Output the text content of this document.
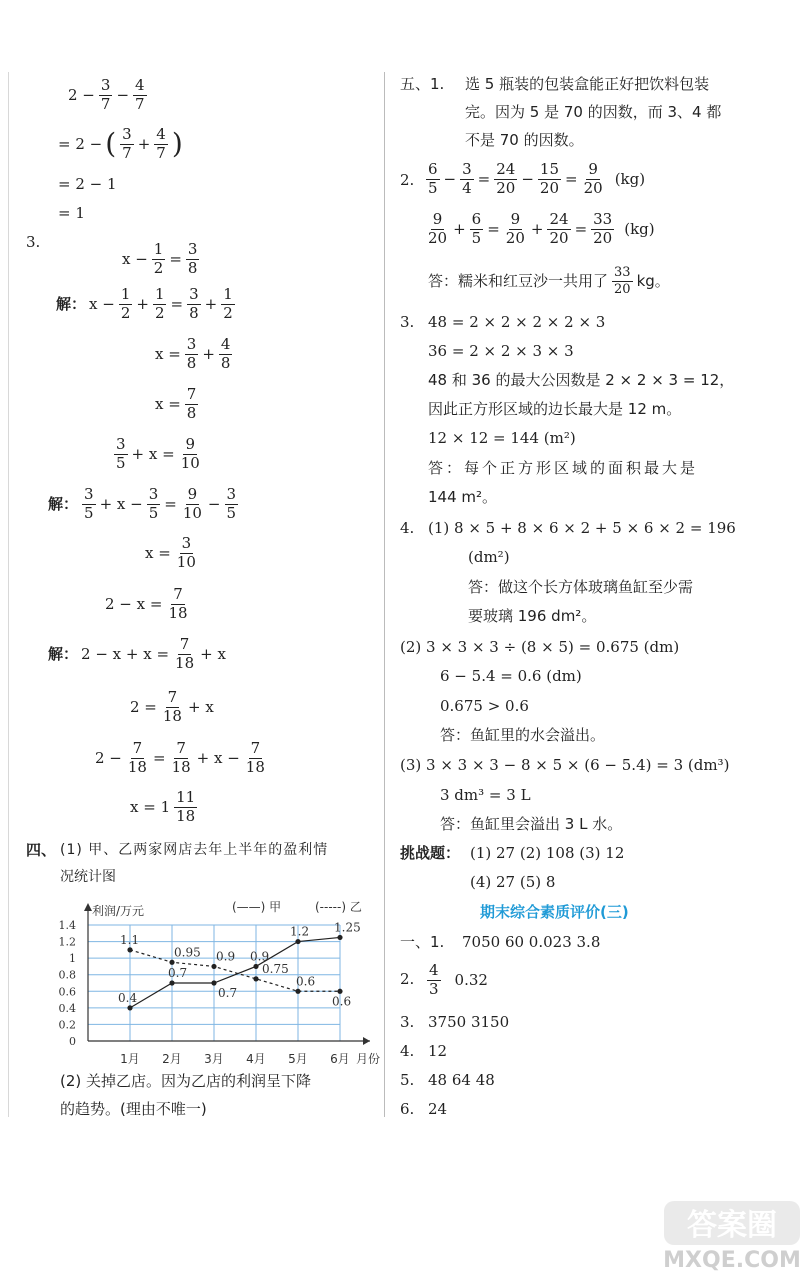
$2 - \frac{3}{7} - \frac{4}{7}$
= 2 − ( $\frac{3}{7} + \frac{4}{7}$ )
= 2 − 1
= 1
3.
$x - \frac{1}{2} = \frac{3}{8}$
解： $x - \frac{1}{2} + \frac{1}{2} = \frac{3}{8} + \frac{1}{2}$
$x = \frac{3}{8} + \frac{4}{8}$
$x = \frac{7}{8}$
$\frac{3}{5} + x = \frac{9}{10}$
解： $\frac{3}{5} + x - \frac{3}{5} = \frac{9}{10} - \frac{3}{5}$
$x = \frac{3}{10}$
$2 - x = \frac{7}{18}$
解： $2 - x + x = \frac{7}{18} + x$
$2 = \frac{7}{18} + x$
$2 - \frac{7}{18} = \frac{7}{18} + x - \frac{7}{18}$
$x = 1 \frac{11}{18}$
四、 (1) 甲、乙两家网店去年上半年的盈利情
况统计图
0
0.2
0.4
0.6
0.8
1
1.2
1.4
1月 2月 3月 4月 5月 6月
利润/万元
月份
(——) 甲	(-----) 乙
0.4
0.7
0.7
0.9
1.2 1.25
1.1
0.95 0.9
0.75
0.6
0.6
(2) 关掉乙店。因为乙店的利润呈下降
的趋势。(理由不唯一)
五、1. 选 5 瓶装的包装盒能正好把饮料包装
完。因为 5 是 70 的因数，而 3、4 都
不是 70 的因数。
2. $\frac{6}{5} - \frac{3}{4} = \frac{24}{20} - \frac{15}{20} = \frac{9}{20} (kg)$
$\frac{9}{20} + \frac{6}{5} = \frac{9}{20} + \frac{24}{20} = \frac{33}{20} (kg)$
答：糯米和红豆沙一共用了 $\frac{33}{20}$ kg。
3. 48 = 2 × 2 × 2 × 2 × 3
36 = 2 × 2 × 3 × 3
48 和 36 的最大公因数是 2 × 2 × 3 = 12，
因此正方形区域的边长最大是 12 m。
12 × 12 = 144 (m²)
答：每个正方形区域的面积最大是
144 m²。
4. (1) 8 × 5 + 8 × 6 × 2 + 5 × 6 × 2 = 196
(dm²)
答：做这个长方体玻璃鱼缸至少需
要玻璃 196 dm²。
(2) 3 × 3 × 3 ÷ (8 × 5) = 0.675 (dm)
6 − 5.4 = 0.6 (dm)
0.675 > 0.6
答：鱼缸里的水会溢出。
(3) 3 × 3 × 3 − 8 × 5 × (6 − 5.4) = 3 (dm³)
3 dm³ = 3 L
答：鱼缸里会溢出 3 L 水。
挑战题： (1) 27 (2) 108 (3) 12
(4) 27 (5) 8
期末综合素质评价(三)
一、1. 7050 60 0.023 3.8
2. $\frac{4}{3} 0.32$
3. 3750 3150
4. 12
5. 48 64 48
6. 24
答案圈
MXQE.COM
